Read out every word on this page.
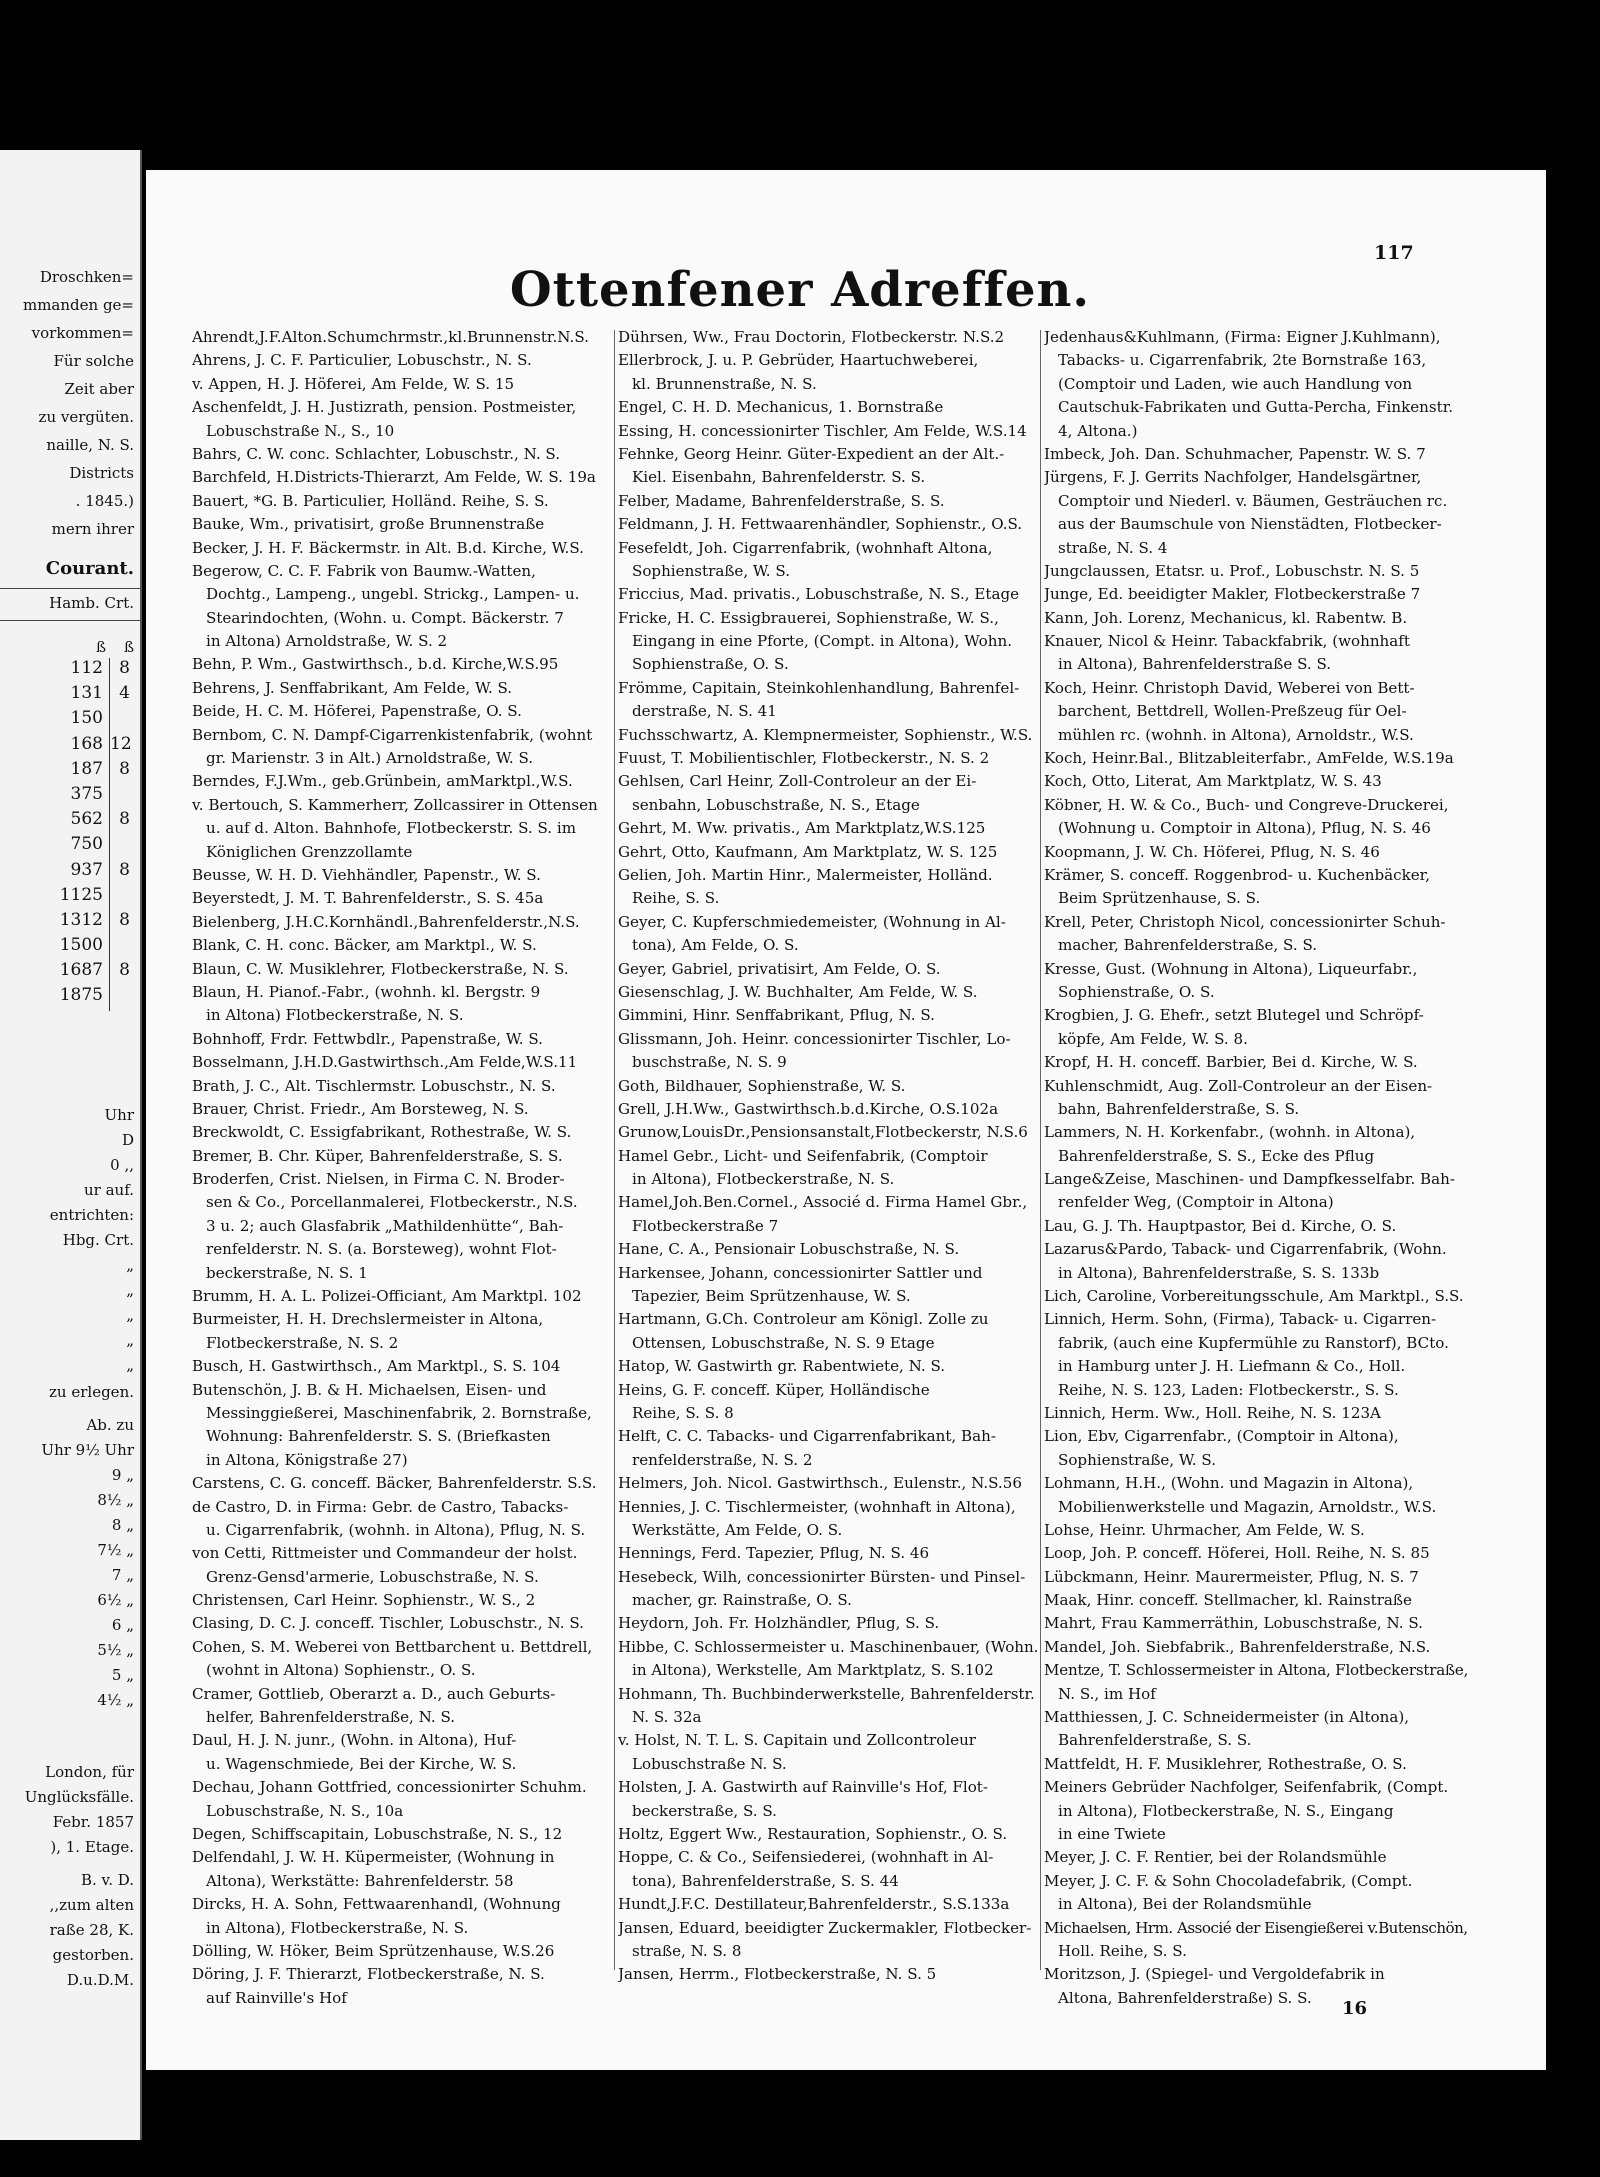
Droschken=
mmanden ge=
vorkommen=
Für solche
Zeit aber
zu vergüten.
naille, N. S.
Districts
. 1845.)
mern ihrer
Courant.
Hamb. Crt.
ß ß
112 8
131 4
150
168 12
187 8
375
562 8
750
937 8
1125
1312 8
1500
1687 8
1875
Uhr
D
0 ,,
ur auf.
entrichten:
Hbg. Crt.
„
„
„
„
„
zu erlegen.
Ab. zu
Uhr 9½ Uhr
9 „
8½ „
8 „
7½ „
7 „
6½ „
6 „
5½ „
5 „
4½ „
London, für
Unglücksfälle.
Febr. 1857
), 1. Etage.
B. v. D.
,,zum alten
raße 28, K.
gestorben.
D.u.D.M.
117
Ottenfener Adreffen.
Ahrendt,J.F.Alton.Schumchrmstr.,kl.Brunnenstr.N.S.
Ahrens, J. C. F. Particulier, Lobuschstr., N. S.
v. Appen, H. J. Höferei, Am Felde, W. S. 15
Aschenfeldt, J. H. Justizrath, pension. Postmeister,
Lobuschstraße N., S., 10
Bahrs, C. W. conc. Schlachter, Lobuschstr., N. S.
Barchfeld, H.Districts-Thierarzt, Am Felde, W. S. 19a
Bauert, *G. B. Particulier, Holländ. Reihe, S. S.
Bauke, Wm., privatisirt, große Brunnenstraße
Becker, J. H. F. Bäckermstr. in Alt. B.d. Kirche, W.S.
Begerow, C. C. F. Fabrik von Baumw.-Watten,
Dochtg., Lampeng., ungebl. Strickg., Lampen- u.
Stearindochten, (Wohn. u. Compt. Bäckerstr. 7
in Altona) Arnoldstraße, W. S. 2
Behn, P. Wm., Gastwirthsch., b.d. Kirche,W.S.95
Behrens, J. Senffabrikant, Am Felde, W. S.
Beide, H. C. M. Höferei, Papenstraße, O. S.
Bernbom, C. N. Dampf-Cigarrenkistenfabrik, (wohnt
gr. Marienstr. 3 in Alt.) Arnoldstraße, W. S.
Berndes, F.J.Wm., geb.Grünbein, amMarktpl.,W.S.
v. Bertouch, S. Kammerherr, Zollcassirer in Ottensen
u. auf d. Alton. Bahnhofe, Flotbeckerstr. S. S. im
Königlichen Grenzzollamte
Beusse, W. H. D. Viehhändler, Papenstr., W. S.
Beyerstedt, J. M. T. Bahrenfelderstr., S. S. 45a
Bielenberg, J.H.C.Kornhändl.,Bahrenfelderstr.,N.S.
Blank, C. H. conc. Bäcker, am Marktpl., W. S.
Blaun, C. W. Musiklehrer, Flotbeckerstraße, N. S.
Blaun, H. Pianof.-Fabr., (wohnh. kl. Bergstr. 9
in Altona) Flotbeckerstraße, N. S.
Bohnhoff, Frdr. Fettwbdlr., Papenstraße, W. S.
Bosselmann, J.H.D.Gastwirthsch.,Am Felde,W.S.11
Brath, J. C., Alt. Tischlermstr. Lobuschstr., N. S.
Brauer, Christ. Friedr., Am Borsteweg, N. S.
Breckwoldt, C. Essigfabrikant, Rothestraße, W. S.
Bremer, B. Chr. Küper, Bahrenfelderstraße, S. S.
Broderfen, Crist. Nielsen, in Firma C. N. Broder-
sen & Co., Porcellanmalerei, Flotbeckerstr., N.S.
3 u. 2; auch Glasfabrik „Mathildenhütte“, Bah-
renfelderstr. N. S. (a. Borsteweg), wohnt Flot-
beckerstraße, N. S. 1
Brumm, H. A. L. Polizei-Officiant, Am Marktpl. 102
Burmeister, H. H. Drechslermeister in Altona,
Flotbeckerstraße, N. S. 2
Busch, H. Gastwirthsch., Am Marktpl., S. S. 104
Butenschön, J. B. & H. Michaelsen, Eisen- und
Messinggießerei, Maschinenfabrik, 2. Bornstraße,
Wohnung: Bahrenfelderstr. S. S. (Briefkasten
in Altona, Königstraße 27)
Carstens, C. G. conceff. Bäcker, Bahrenfelderstr. S.S.
de Castro, D. in Firma: Gebr. de Castro, Tabacks-
u. Cigarrenfabrik, (wohnh. in Altona), Pflug, N. S.
von Cetti, Rittmeister und Commandeur der holst.
Grenz-Gensd'armerie, Lobuschstraße, N. S.
Christensen, Carl Heinr. Sophienstr., W. S., 2
Clasing, D. C. J. conceff. Tischler, Lobuschstr., N. S.
Cohen, S. M. Weberei von Bettbarchent u. Bettdrell,
(wohnt in Altona) Sophienstr., O. S.
Cramer, Gottlieb, Oberarzt a. D., auch Geburts-
helfer, Bahrenfelderstraße, N. S.
Daul, H. J. N. junr., (Wohn. in Altona), Huf-
u. Wagenschmiede, Bei der Kirche, W. S.
Dechau, Johann Gottfried, concessionirter Schuhm.
Lobuschstraße, N. S., 10a
Degen, Schiffscapitain, Lobuschstraße, N. S., 12
Delfendahl, J. W. H. Küpermeister, (Wohnung in
Altona), Werkstätte: Bahrenfelderstr. 58
Dircks, H. A. Sohn, Fettwaarenhandl, (Wohnung
in Altona), Flotbeckerstraße, N. S.
Dölling, W. Höker, Beim Sprützenhause, W.S.26
Döring, J. F. Thierarzt, Flotbeckerstraße, N. S.
auf Rainville's Hof
Dührsen, Ww., Frau Doctorin, Flotbeckerstr. N.S.2
Ellerbrock, J. u. P. Gebrüder, Haartuchweberei,
kl. Brunnenstraße, N. S.
Engel, C. H. D. Mechanicus, 1. Bornstraße
Essing, H. concessionirter Tischler, Am Felde, W.S.14
Fehnke, Georg Heinr. Güter-Expedient an der Alt.-
Kiel. Eisenbahn, Bahrenfelderstr. S. S.
Felber, Madame, Bahrenfelderstraße, S. S.
Feldmann, J. H. Fettwaarenhändler, Sophienstr., O.S.
Fesefeldt, Joh. Cigarrenfabrik, (wohnhaft Altona,
Sophienstraße, W. S.
Friccius, Mad. privatis., Lobuschstraße, N. S., Etage
Fricke, H. C. Essigbrauerei, Sophienstraße, W. S.,
Eingang in eine Pforte, (Compt. in Altona), Wohn.
Sophienstraße, O. S.
Frömme, Capitain, Steinkohlenhandlung, Bahrenfel-
derstraße, N. S. 41
Fuchsschwartz, A. Klempnermeister, Sophienstr., W.S.
Fuust, T. Mobilientischler, Flotbeckerstr., N. S. 2
Gehlsen, Carl Heinr, Zoll-Controleur an der Ei-
senbahn, Lobuschstraße, N. S., Etage
Gehrt, M. Ww. privatis., Am Marktplatz,W.S.125
Gehrt, Otto, Kaufmann, Am Marktplatz, W. S. 125
Gelien, Joh. Martin Hinr., Malermeister, Holländ.
Reihe, S. S.
Geyer, C. Kupferschmiedemeister, (Wohnung in Al-
tona), Am Felde, O. S.
Geyer, Gabriel, privatisirt, Am Felde, O. S.
Giesenschlag, J. W. Buchhalter, Am Felde, W. S.
Gimmini, Hinr. Senffabrikant, Pflug, N. S.
Glissmann, Joh. Heinr. concessionirter Tischler, Lo-
buschstraße, N. S. 9
Goth, Bildhauer, Sophienstraße, W. S.
Grell, J.H.Ww., Gastwirthsch.b.d.Kirche, O.S.102a
Grunow,LouisDr.,Pensionsanstalt,Flotbeckerstr, N.S.6
Hamel Gebr., Licht- und Seifenfabrik, (Comptoir
in Altona), Flotbeckerstraße, N. S.
Hamel,Joh.Ben.Cornel., Associé d. Firma Hamel Gbr.,
Flotbeckerstraße 7
Hane, C. A., Pensionair Lobuschstraße, N. S.
Harkensee, Johann, concessionirter Sattler und
Tapezier, Beim Sprützenhause, W. S.
Hartmann, G.Ch. Controleur am Königl. Zolle zu
Ottensen, Lobuschstraße, N. S. 9 Etage
Hatop, W. Gastwirth gr. Rabentwiete, N. S.
Heins, G. F. conceff. Küper, Holländische
Reihe, S. S. 8
Helft, C. C. Tabacks- und Cigarrenfabrikant, Bah-
renfelderstraße, N. S. 2
Helmers, Joh. Nicol. Gastwirthsch., Eulenstr., N.S.56
Hennies, J. C. Tischlermeister, (wohnhaft in Altona),
Werkstätte, Am Felde, O. S.
Hennings, Ferd. Tapezier, Pflug, N. S. 46
Hesebeck, Wilh, concessionirter Bürsten- und Pinsel-
macher, gr. Rainstraße, O. S.
Heydorn, Joh. Fr. Holzhändler, Pflug, S. S.
Hibbe, C. Schlossermeister u. Maschinenbauer, (Wohn.
in Altona), Werkstelle, Am Marktplatz, S. S.102
Hohmann, Th. Buchbinderwerkstelle, Bahrenfelderstr.
N. S. 32a
v. Holst, N. T. L. S. Capitain und Zollcontroleur
Lobuschstraße N. S.
Holsten, J. A. Gastwirth auf Rainville's Hof, Flot-
beckerstraße, S. S.
Holtz, Eggert Ww., Restauration, Sophienstr., O. S.
Hoppe, C. & Co., Seifensiederei, (wohnhaft in Al-
tona), Bahrenfelderstraße, S. S. 44
Hundt,J.F.C. Destillateur,Bahrenfelderstr., S.S.133a
Jansen, Eduard, beeidigter Zuckermakler, Flotbecker-
straße, N. S. 8
Jansen, Herrm., Flotbeckerstraße, N. S. 5
Jedenhaus&Kuhlmann, (Firma: Eigner J.Kuhlmann),
Tabacks- u. Cigarrenfabrik, 2te Bornstraße 163,
(Comptoir und Laden, wie auch Handlung von
Cautschuk-Fabrikaten und Gutta-Percha, Finkenstr.
4, Altona.)
Imbeck, Joh. Dan. Schuhmacher, Papenstr. W. S. 7
Jürgens, F. J. Gerrits Nachfolger, Handelsgärtner,
Comptoir und Niederl. v. Bäumen, Gesträuchen rc.
aus der Baumschule von Nienstädten, Flotbecker-
straße, N. S. 4
Jungclaussen, Etatsr. u. Prof., Lobuschstr. N. S. 5
Junge, Ed. beeidigter Makler, Flotbeckerstraße 7
Kann, Joh. Lorenz, Mechanicus, kl. Rabentw. B.
Knauer, Nicol & Heinr. Tabackfabrik, (wohnhaft
in Altona), Bahrenfelderstraße S. S.
Koch, Heinr. Christoph David, Weberei von Bett-
barchent, Bettdrell, Wollen-Preßzeug für Oel-
mühlen rc. (wohnh. in Altona), Arnoldstr., W.S.
Koch, Heinr.Bal., Blitzableiterfabr., AmFelde, W.S.19a
Koch, Otto, Literat, Am Marktplatz, W. S. 43
Köbner, H. W. & Co., Buch- und Congreve-Druckerei,
(Wohnung u. Comptoir in Altona), Pflug, N. S. 46
Koopmann, J. W. Ch. Höferei, Pflug, N. S. 46
Krämer, S. conceff. Roggenbrod- u. Kuchenbäcker,
Beim Sprützenhause, S. S.
Krell, Peter, Christoph Nicol, concessionirter Schuh-
macher, Bahrenfelderstraße, S. S.
Kresse, Gust. (Wohnung in Altona), Liqueurfabr.,
Sophienstraße, O. S.
Krogbien, J. G. Ehefr., setzt Blutegel und Schröpf-
köpfe, Am Felde, W. S. 8.
Kropf, H. H. conceff. Barbier, Bei d. Kirche, W. S.
Kuhlenschmidt, Aug. Zoll-Controleur an der Eisen-
bahn, Bahrenfelderstraße, S. S.
Lammers, N. H. Korkenfabr., (wohnh. in Altona),
Bahrenfelderstraße, S. S., Ecke des Pflug
Lange&Zeise, Maschinen- und Dampfkesselfabr. Bah-
renfelder Weg, (Comptoir in Altona)
Lau, G. J. Th. Hauptpastor, Bei d. Kirche, O. S.
Lazarus&Pardo, Taback- und Cigarrenfabrik, (Wohn.
in Altona), Bahrenfelderstraße, S. S. 133b
Lich, Caroline, Vorbereitungsschule, Am Marktpl., S.S.
Linnich, Herm. Sohn, (Firma), Taback- u. Cigarren-
fabrik, (auch eine Kupfermühle zu Ranstorf), BCto.
in Hamburg unter J. H. Liefmann & Co., Holl.
Reihe, N. S. 123, Laden: Flotbeckerstr., S. S.
Linnich, Herm. Ww., Holl. Reihe, N. S. 123A
Lion, Ebv, Cigarrenfabr., (Comptoir in Altona),
Sophienstraße, W. S.
Lohmann, H.H., (Wohn. und Magazin in Altona),
Mobilienwerkstelle und Magazin, Arnoldstr., W.S.
Lohse, Heinr. Uhrmacher, Am Felde, W. S.
Loop, Joh. P. conceff. Höferei, Holl. Reihe, N. S. 85
Lübckmann, Heinr. Maurermeister, Pflug, N. S. 7
Maak, Hinr. conceff. Stellmacher, kl. Rainstraße
Mahrt, Frau Kammerräthin, Lobuschstraße, N. S.
Mandel, Joh. Siebfabrik., Bahrenfelderstraße, N.S.
Mentze, T. Schlossermeister in Altona, Flotbeckerstraße,
N. S., im Hof
Matthiessen, J. C. Schneidermeister (in Altona),
Bahrenfelderstraße, S. S.
Mattfeldt, H. F. Musiklehrer, Rothestraße, O. S.
Meiners Gebrüder Nachfolger, Seifenfabrik, (Compt.
in Altona), Flotbeckerstraße, N. S., Eingang
in eine Twiete
Meyer, J. C. F. Rentier, bei der Rolandsmühle
Meyer, J. C. F. & Sohn Chocoladefabrik, (Compt.
in Altona), Bei der Rolandsmühle
Michaelsen, Hrm. Associé der Eisengießerei v.Butenschön,
Holl. Reihe, S. S.
Moritzson, J. (Spiegel- und Vergoldefabrik in
Altona, Bahrenfelderstraße) S. S.
16
